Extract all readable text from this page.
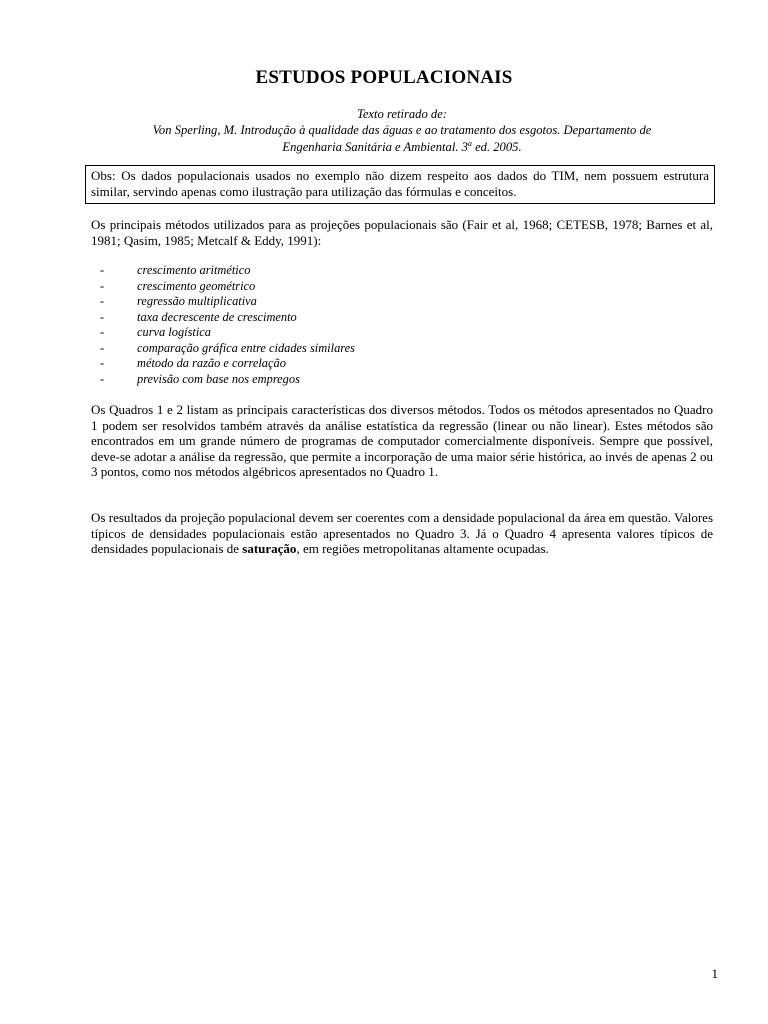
ESTUDOS POPULACIONAIS
Texto retirado de:
Von Sperling, M. Introdução à qualidade das águas e ao tratamento dos esgotos. Departamento de
Engenharia Sanitária e Ambiental. 3$^a$ ed. 2005.
Obs: Os dados populacionais usados no exemplo não dizem respeito aos dados do TIM, nem possuem estrutura similar, servindo apenas como ilustração para utilização das fórmulas e conceitos.
Os principais métodos utilizados para as projeções populacionais são (Fair et al, 1968; CETESB, 1978; Barnes et al, 1981; Qasim, 1985; Metcalf & Eddy, 1991):
-	crescimento aritmético
-	crescimento geométrico
-	regressão multiplicativa
-	taxa decrescente de crescimento
-	curva logística
-	comparação gráfica entre cidades similares
-	método da razão e correlação
-	previsão com base nos empregos
Os Quadros 1 e 2 listam as principais características dos diversos métodos. Todos os métodos apresentados no Quadro 1 podem ser resolvidos também através da análise estatística da regressão (linear ou não linear). Estes métodos são encontrados em um grande número de programas de computador comercialmente disponíveis. Sempre que possível, deve-se adotar a análise da regressão, que permite a incorporação de uma maior série histórica, ao invés de apenas 2 ou 3 pontos, como nos métodos algébricos apresentados no Quadro 1.
Os resultados da projeção populacional devem ser coerentes com a densidade populacional da área em questão. Valores típicos de densidades populacionais estão apresentados no Quadro 3. Já o Quadro 4 apresenta valores típicos de densidades populacionais de saturação, em regiões metropolitanas altamente ocupadas.
1
